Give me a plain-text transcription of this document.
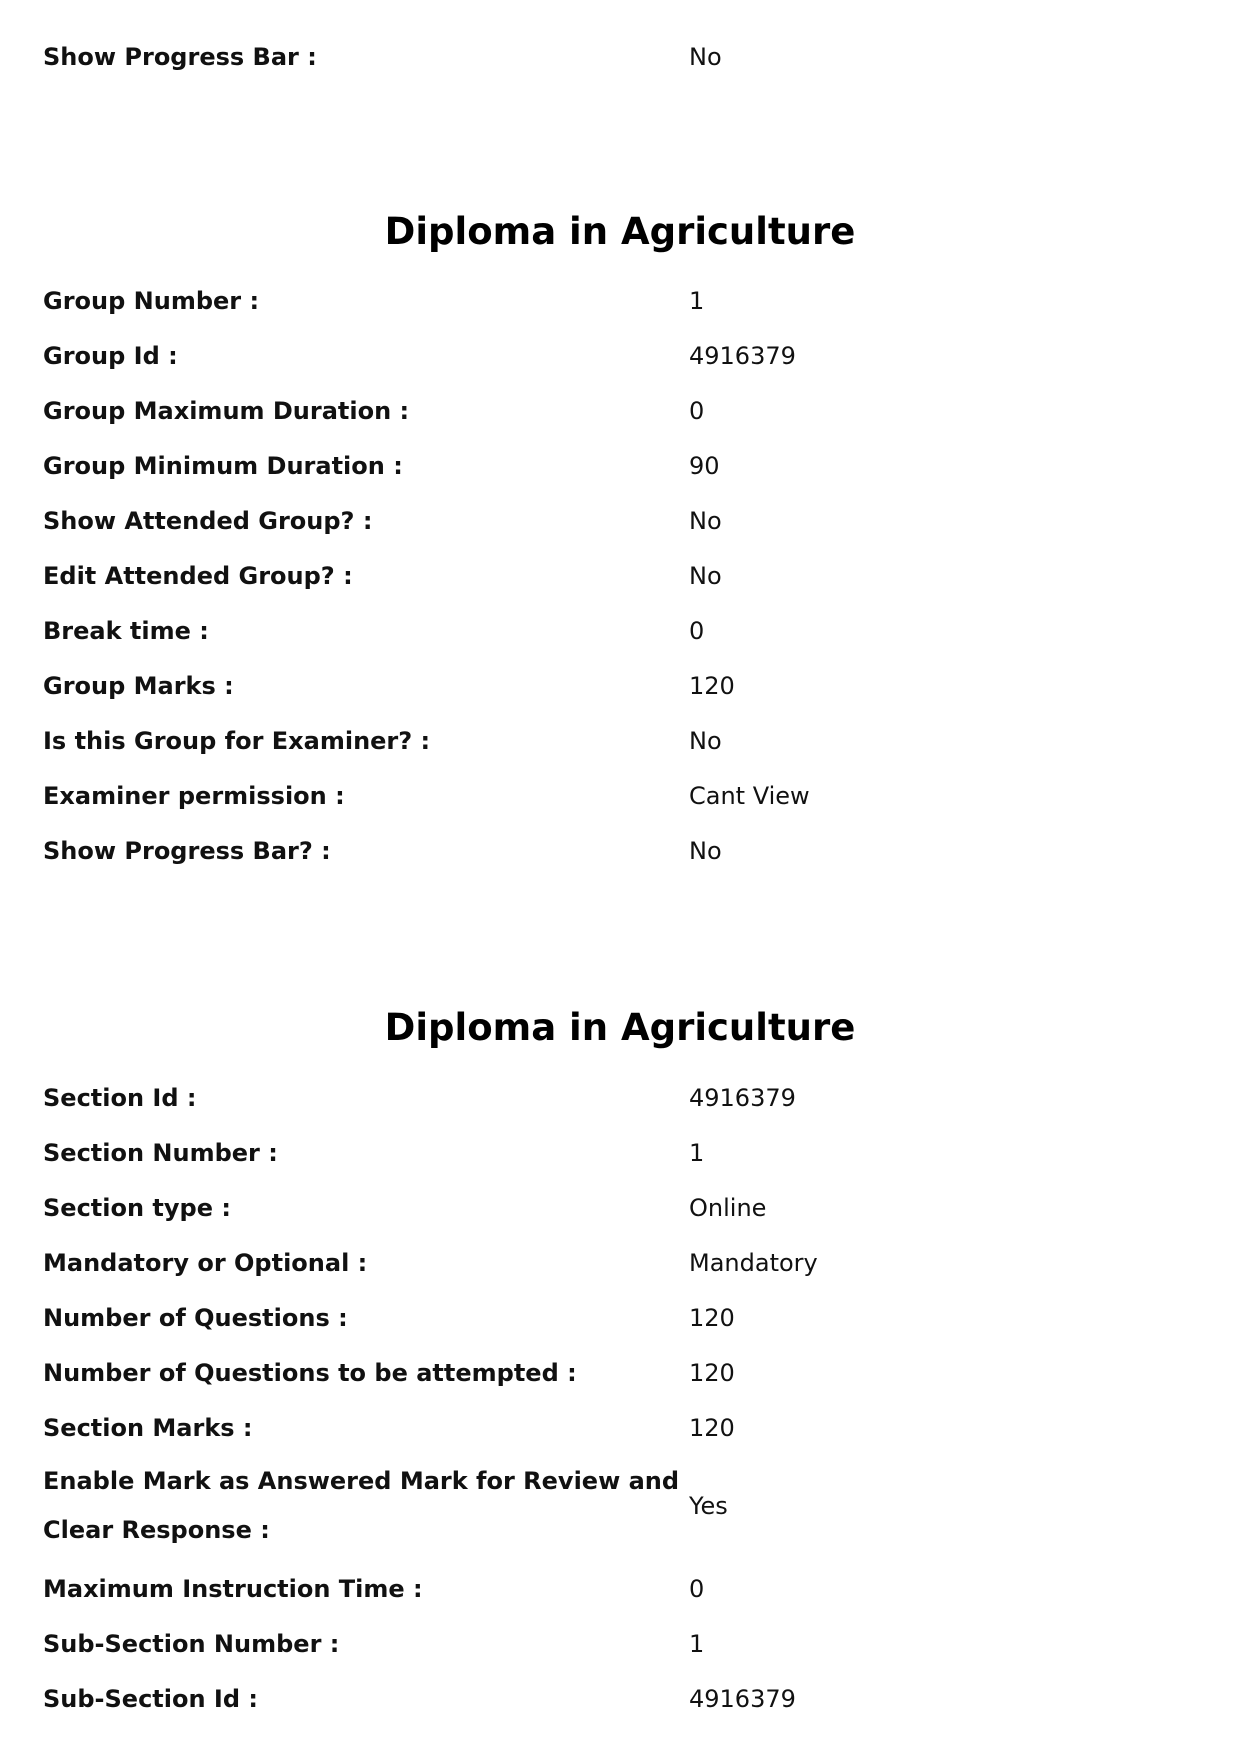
Show Progress Bar :	No
Diploma in Agriculture
Group Number :	1
Group Id :	4916379
Group Maximum Duration :	0
Group Minimum Duration :	90
Show Attended Group? :	No
Edit Attended Group? :	No
Break time :	0
Group Marks :	120
Is this Group for Examiner? :	No
Examiner permission :	Cant View
Show Progress Bar? :	No
Diploma in Agriculture
Section Id :	4916379
Section Number :	1
Section type :	Online
Mandatory or Optional :	Mandatory
Number of Questions :	120
Number of Questions to be attempted :	120
Section Marks :	120
Enable Mark as Answered Mark for Review and Clear Response :
Yes
Maximum Instruction Time :	0
Sub-Section Number :	1
Sub-Section Id :	4916379
